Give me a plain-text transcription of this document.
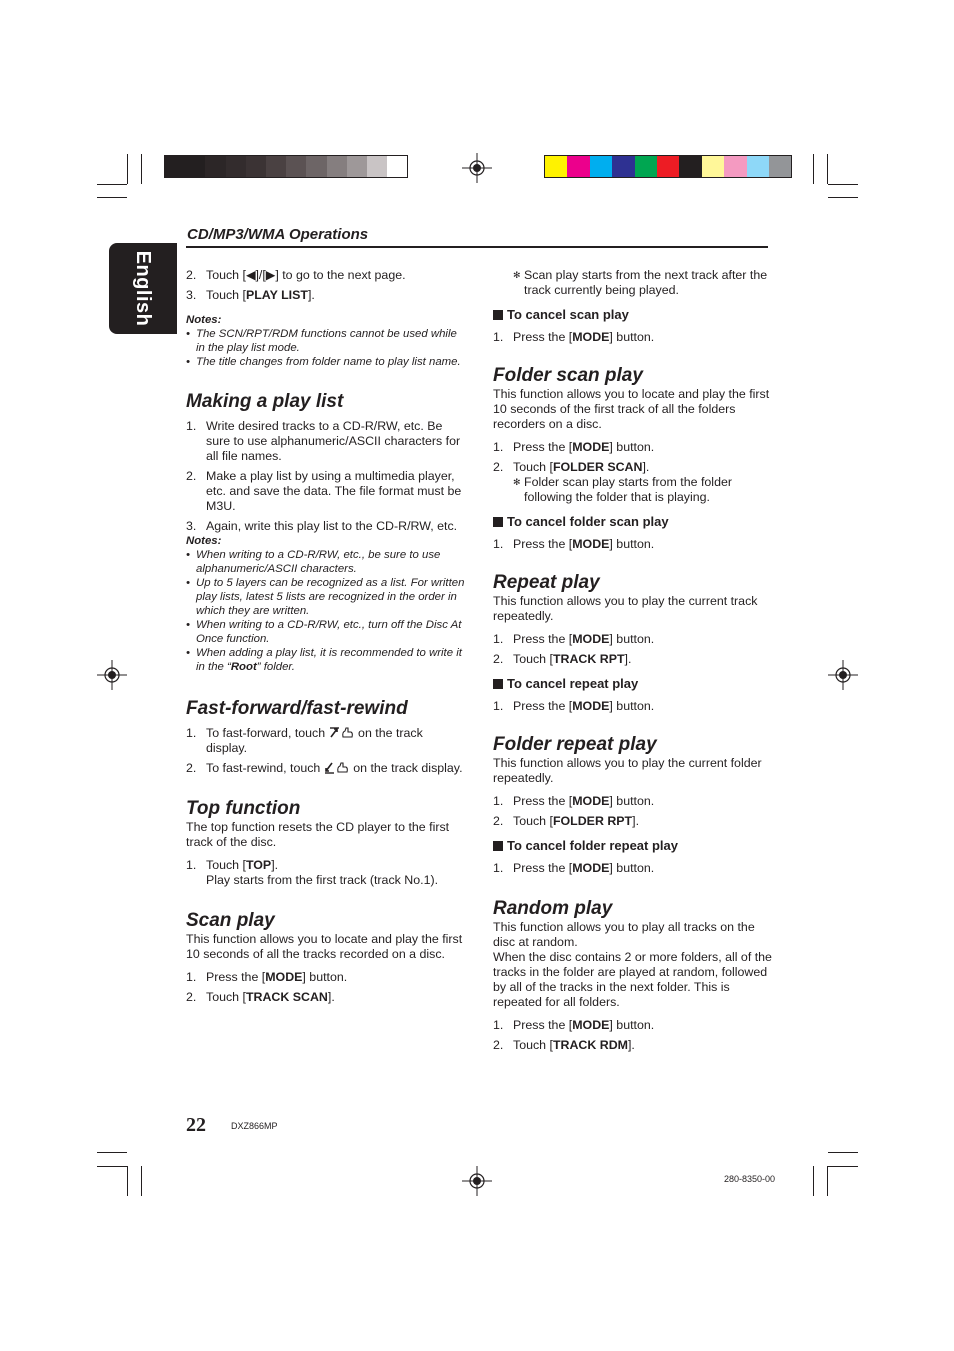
English
CD/MP3/WMA Operations
2. Touch [◀]/[▶] to go to the next page.
3. Touch [PLAY LIST].
Notes:
• The SCN/RPT/RDM functions cannot be used while in the play list mode.
• The title changes from folder name to play list name.
Making a play list
1. Write desired tracks to a CD-R/RW, etc. Be sure to use alphanumeric/ASCII characters for all file names.
2. Make a play list by using a multimedia player, etc. and save the data. The file format must be M3U.
3. Again, write this play list to the CD-R/RW, etc.
Notes:
• When writing to a CD-R/RW, etc., be sure to use alphanumeric/ASCII characters.
• Up to 5 layers can be recognized as a list. For written play lists, latest 5 lists are recognized in the order in which they are written.
• When writing to a CD-R/RW, etc., turn off the Disc At Once function.
• When adding a play list, it is recommended to write it in the “Root” folder.
Fast-forward/fast-rewind
1. To fast-forward, touch	on the track display.
2. To fast-rewind, touch	on the track display.
Top function

The top function resets the CD player to the first track of the disc.

1. Touch [TOP].
Play starts from the first track (track No.1).
Scan play

This function allows you to locate and play the first 10 seconds of all the tracks recorded on a disc.

1. Press the [MODE] button.
2. Touch [TRACK SCAN].
✻ Scan play starts from the next track after the track currently being played.
To cancel scan play
1. Press the [MODE] button.
Folder scan play

This function allows you to locate and play the first 10 seconds of the first track of all the folders recorders on a disc.

1. Press the [MODE] button.
2. Touch [FOLDER SCAN].
✻ Folder scan play starts from the folder following the folder that is playing.
To cancel folder scan play
1. Press the [MODE] button.
Repeat play

This function allows you to play the current track repeatedly.

1. Press the [MODE] button.
2. Touch [TRACK RPT].
To cancel repeat play
1. Press the [MODE] button.
Folder repeat play

This function allows you to play the current folder repeatedly.

1. Press the [MODE] button.
2. Touch [FOLDER RPT].
To cancel folder repeat play
1. Press the [MODE] button.
Random play

This function allows you to play all tracks on the disc at random.

When the disc contains 2 or more folders, all of the tracks in the folder are played at random, followed by all of the tracks in the next folder. This is repeated for all folders.

1. Press the [MODE] button.
2. Touch [TRACK RDM].
22	DXZ866MP
280-8350-00
